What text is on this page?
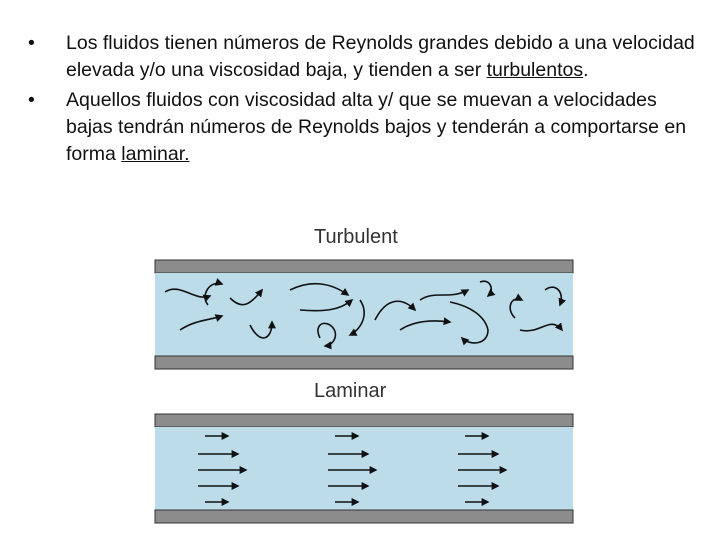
•	Los fluidos tienen números de Reynolds grandes debido a una velocidad elevada y/o una viscosidad baja, y tienden a ser turbulentos.
•	Aquellos fluidos con viscosidad alta y/ que se muevan a velocidades bajas tendrán números de Reynolds bajos y tenderán a comportarse en forma laminar.
Turbulent
Laminar
